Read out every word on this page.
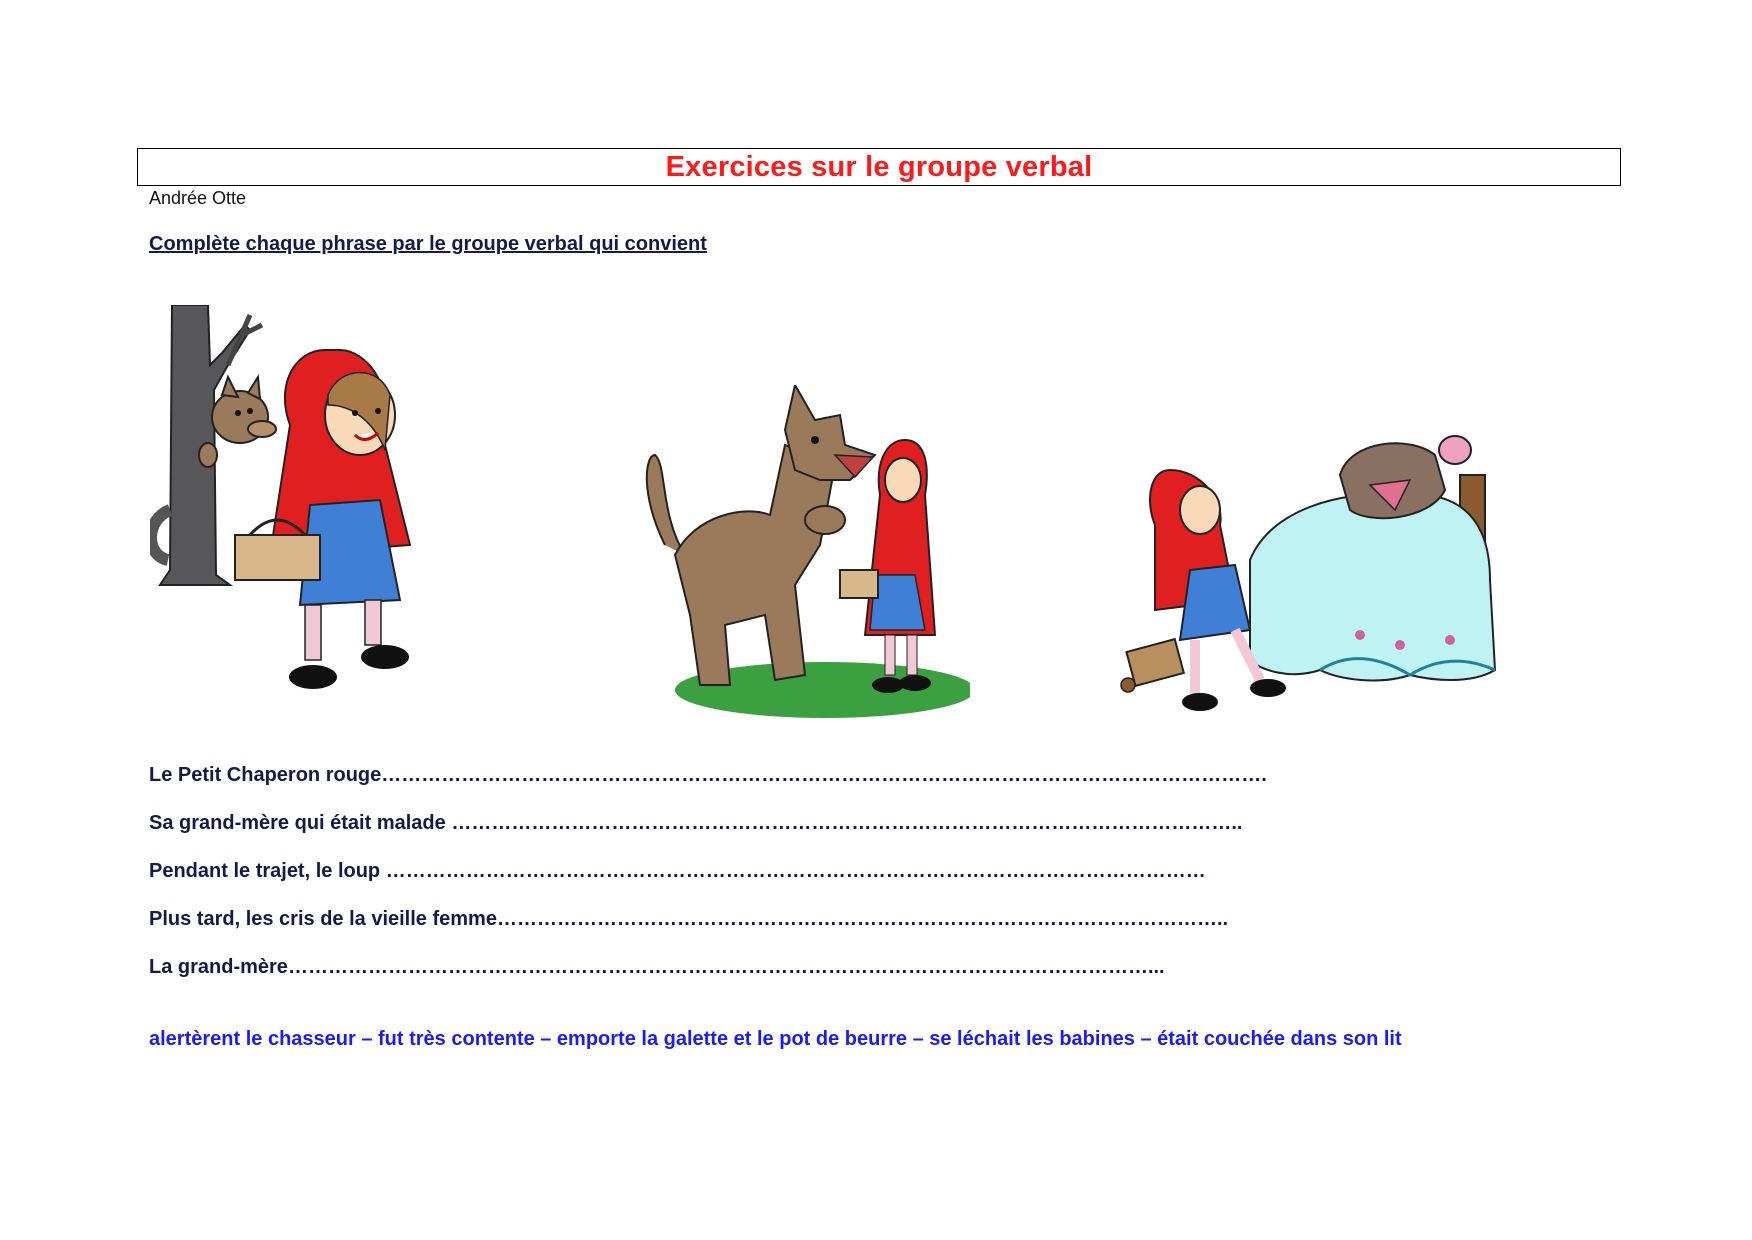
Exercices sur le groupe verbal
Andrée Otte
Complète chaque phrase par le groupe verbal qui convient
Le Petit Chaperon rouge…………………………………………………………………………………………………………………….
Sa grand-mère qui était malade ………………………………………………………………………………………………………..
Pendant le trajet, le loup ……………………………………………………………………………………………………………
Plus tard, les cris de la vieille femme………………………………………………………………………………………………..
La grand-mère…………………………………………………………………………………………………………………...
alertèrent le chasseur – fut très contente – emporte la galette et le pot de beurre – se léchait les babines – était couchée dans son lit
